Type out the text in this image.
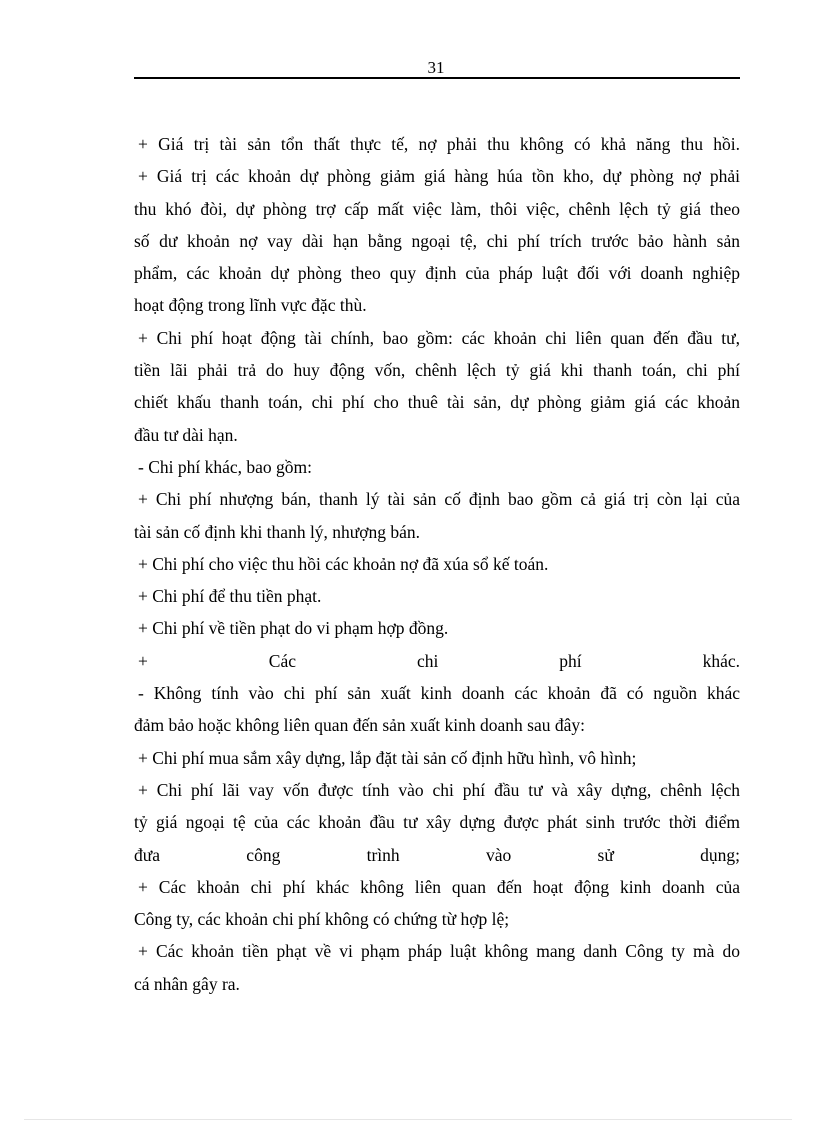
31
+ Giá trị tài sản tổn thất thực tế, nợ phải thu không có khả năng thu hồi.
+ Giá trị các khoản dự phòng giảm giá hàng húa tồn kho, dự phòng nợ phải
thu khó đòi, dự phòng trợ cấp mất việc làm, thôi việc, chênh lệch tỷ giá theo
số dư khoản nợ vay dài hạn bằng ngoại tệ, chi phí trích trước bảo hành sản
phẩm, các khoản dự phòng theo quy định của pháp luật đối với doanh nghiệp
hoạt động trong lĩnh vực đặc thù.
+ Chi phí hoạt động tài chính, bao gồm: các khoản chi liên quan đến đầu tư,
tiền lãi phải trả do huy động vốn, chênh lệch tỷ giá khi thanh toán, chi phí
chiết khấu thanh toán, chi phí cho thuê tài sản, dự phòng giảm giá các khoản
đầu tư dài hạn.
- Chi phí khác, bao gồm:
+ Chi phí nhượng bán, thanh lý tài sản cố định bao gồm cả giá trị còn lại của
tài sản cố định khi thanh lý, nhượng bán.
+ Chi phí cho việc thu hồi các khoản nợ đã xúa sổ kế toán.
+ Chi phí để thu tiền phạt.
+ Chi phí về tiền phạt do vi phạm hợp đồng.
+ Các chi phí khác.
- Không tính vào chi phí sản xuất kinh doanh các khoản đã có nguồn khác
đảm bảo hoặc không liên quan đến sản xuất kinh doanh sau đây:
+ Chi phí mua sắm xây dựng, lắp đặt tài sản cố định hữu hình, vô hình;
+ Chi phí lãi vay vốn được tính vào chi phí đầu tư và xây dựng, chênh lệch
tỷ giá ngoại tệ của các khoản đầu tư xây dựng được phát sinh trước thời điểm
đưa công trình vào sử dụng;
+ Các khoản chi phí khác không liên quan đến hoạt động kinh doanh của
Công ty, các khoản chi phí không có chứng từ hợp lệ;
+ Các khoản tiền phạt về vi phạm pháp luật không mang danh Công ty mà do
cá nhân gây ra.
